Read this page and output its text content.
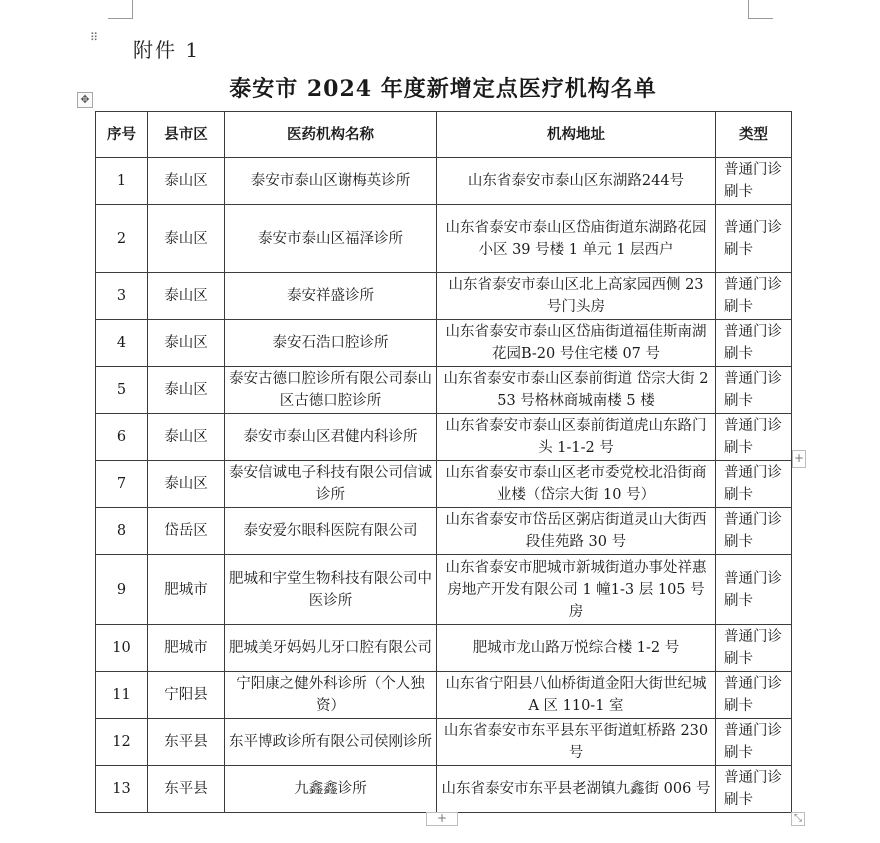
⠿
附件 1
✥	泰安市 2024 年度新增定点医疗机构名单
序号	县市区	医药机构名称	机构地址	类型
1	泰山区	泰安市泰山区谢梅英诊所	山东省泰安市泰山区东湖路244号	普通门诊刷卡
2	泰山区	泰安市泰山区福泽诊所	山东省泰安市泰山区岱庙街道东湖路花园小区 39 号楼 1 单元 1 层西户	普通门诊刷卡
3	泰山区	泰安祥盛诊所	山东省泰安市泰山区北上高家园西侧 23 号门头房	普通门诊刷卡
4	泰山区	泰安石浩口腔诊所	山东省泰安市泰山区岱庙街道福佳斯南湖花园B-20 号住宅楼 07 号	普通门诊刷卡
5	泰山区	泰安古德口腔诊所有限公司泰山区古德口腔诊所	山东省泰安市泰山区泰前街道 岱宗大街 253 号格林商城南楼 5 楼	普通门诊刷卡
6	泰山区	泰安市泰山区君健内科诊所	山东省泰安市泰山区泰前街道虎山东路门头 1-1-2 号	普通门诊刷卡
7	泰山区	泰安信诚电子科技有限公司信诚诊所	山东省泰安市泰山区老市委党校北沿街商业楼（岱宗大街 10 号）	普通门诊刷卡
8	岱岳区	泰安爱尔眼科医院有限公司	山东省泰安市岱岳区粥店街道灵山大街西段佳苑路 30 号	普通门诊刷卡
9	肥城市	肥城和宇堂生物科技有限公司中医诊所	山东省泰安市肥城市新城街道办事处祥惠房地产开发有限公司 1 幢1-3 层 105 号房	普通门诊刷卡
10	肥城市	肥城美牙妈妈儿牙口腔有限公司	肥城市龙山路万悦综合楼 1-2 号	普通门诊刷卡
11	宁阳县	宁阳康之健外科诊所（个人独资）	山东省宁阳县八仙桥街道金阳大街世纪城 A 区 110-1 室	普通门诊刷卡
12	东平县	东平博政诊所有限公司侯刚诊所	山东省泰安市东平县东平街道虹桥路 230 号	普通门诊刷卡
13	东平县	九鑫鑫诊所	山东省泰安市东平县老湖镇九鑫街 006 号	普通门诊刷卡
+
+	⤡
